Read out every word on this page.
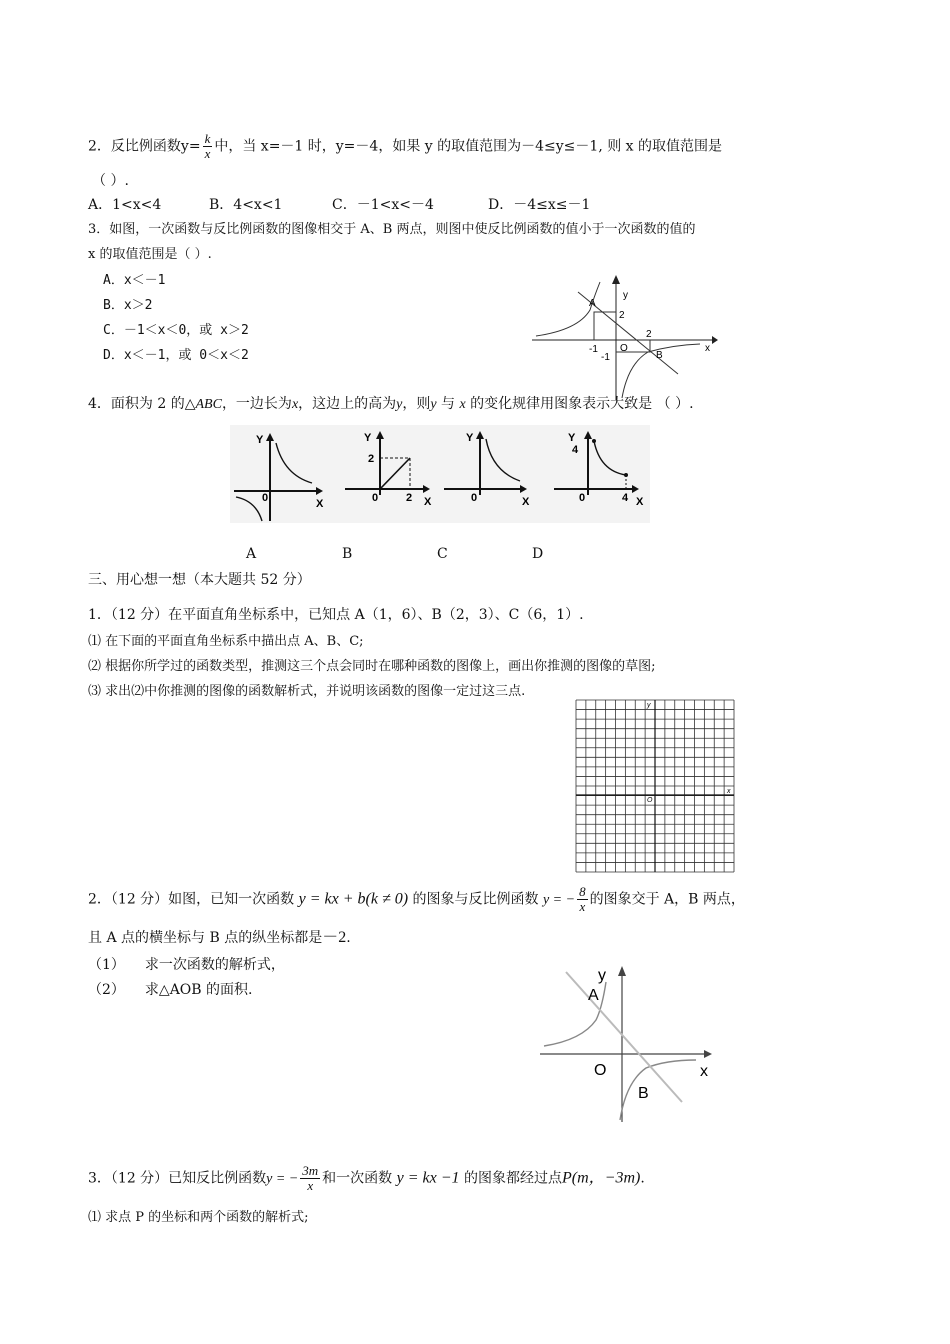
2．反比例函数$y= \frac{k}{x}$ 中，当 x=－1 时，y=－4，如果 y 的取值范围为－4≤y≤－1, 则 x 的取值范围是
（ ）.
A．1<x<4	B．4<x<1	C．－1<x<－4	D．－4≤x≤－1
3．如图，一次函数与反比例函数的图像相交于 A、B 两点，则图中使反比例函数的值小于一次函数的值的
x 的取值范围是（ ）.
A．x＜－1
B．x＞2
C．－1＜x＜0，或 x＞2
D．x＜－1，或 0＜x＜2
A
y
x
2
2
-1
-1
O
B
4．面积为 2 的△ABC，一边长为x，这边上的高为y，则y 与 x 的变化规律用图象表示大致是 （ ）.
Y
0	X
Y
2
0	2 X
Y
0	X
Y
4
0	4 X
A	B	C	D
三、用心想一想（本大题共 52 分）
1．（12 分）在平面直角坐标系中，已知点 A（1，6）、B（2，3）、C（6，1）.
⑴ 在下面的平面直角坐标系中描出点 A、B、C;
⑵ 根据你所学过的函数类型，推测这三个点会同时在哪种函数的图像上，画出你推测的图像的草图;
⑶ 求出⑵中你推测的图像的函数解析式，并说明该函数的图像一定过这三点.
y
x
O
2．（12 分）如图，已知一次函数 y = kx + b(k ≠ 0) 的图象与反比例函数 y = − $\frac{8}{x}$ 的图象交于 A，B 两点，
且 A 点的横坐标与 B 点的纵坐标都是－2.
（1） 求一次函数的解析式，
（2） 求△AOB 的面积.
y
A
O	x
B
3．（12 分）已知反比例函数y = − $\frac{3m}{x}$ 和一次函数 y = kx −1 的图象都经过点P(m，−3m).
⑴ 求点 P 的坐标和两个函数的解析式;
